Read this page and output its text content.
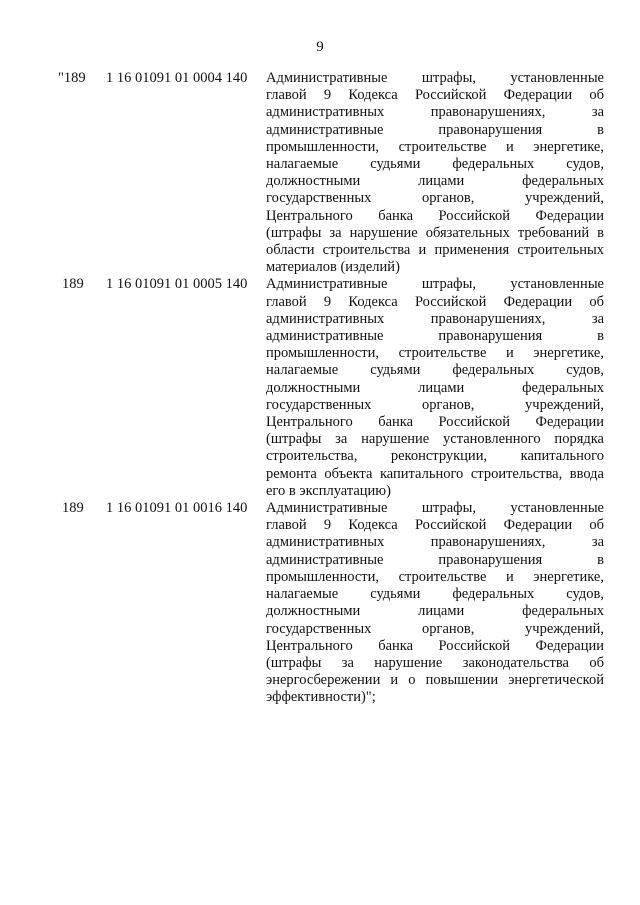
9
"189	1 16 01091 01 0004 140	Административные штрафы, установленные
главой 9 Кодекса Российской Федерации об
административных правонарушениях, за
административные правонарушения в
промышленности, строительстве и энергетике,
налагаемые судьями федеральных судов,
должностными лицами федеральных
государственных органов, учреждений,
Центрального банка Российской Федерации
(штрафы за нарушение обязательных требований в
области строительства и применения строительных
материалов (изделий)
189	1 16 01091 01 0005 140	Административные штрафы, установленные
главой 9 Кодекса Российской Федерации об
административных правонарушениях, за
административные правонарушения в
промышленности, строительстве и энергетике,
налагаемые судьями федеральных судов,
должностными лицами федеральных
государственных органов, учреждений,
Центрального банка Российской Федерации
(штрафы за нарушение установленного порядка
строительства, реконструкции, капитального
ремонта объекта капитального строительства, ввода
его в эксплуатацию)
189	1 16 01091 01 0016 140	Административные штрафы, установленные
главой 9 Кодекса Российской Федерации об
административных правонарушениях, за
административные правонарушения в
промышленности, строительстве и энергетике,
налагаемые судьями федеральных судов,
должностными лицами федеральных
государственных органов, учреждений,
Центрального банка Российской Федерации
(штрафы за нарушение законодательства об
энергосбережении и о повышении энергетической
эффективности)";
